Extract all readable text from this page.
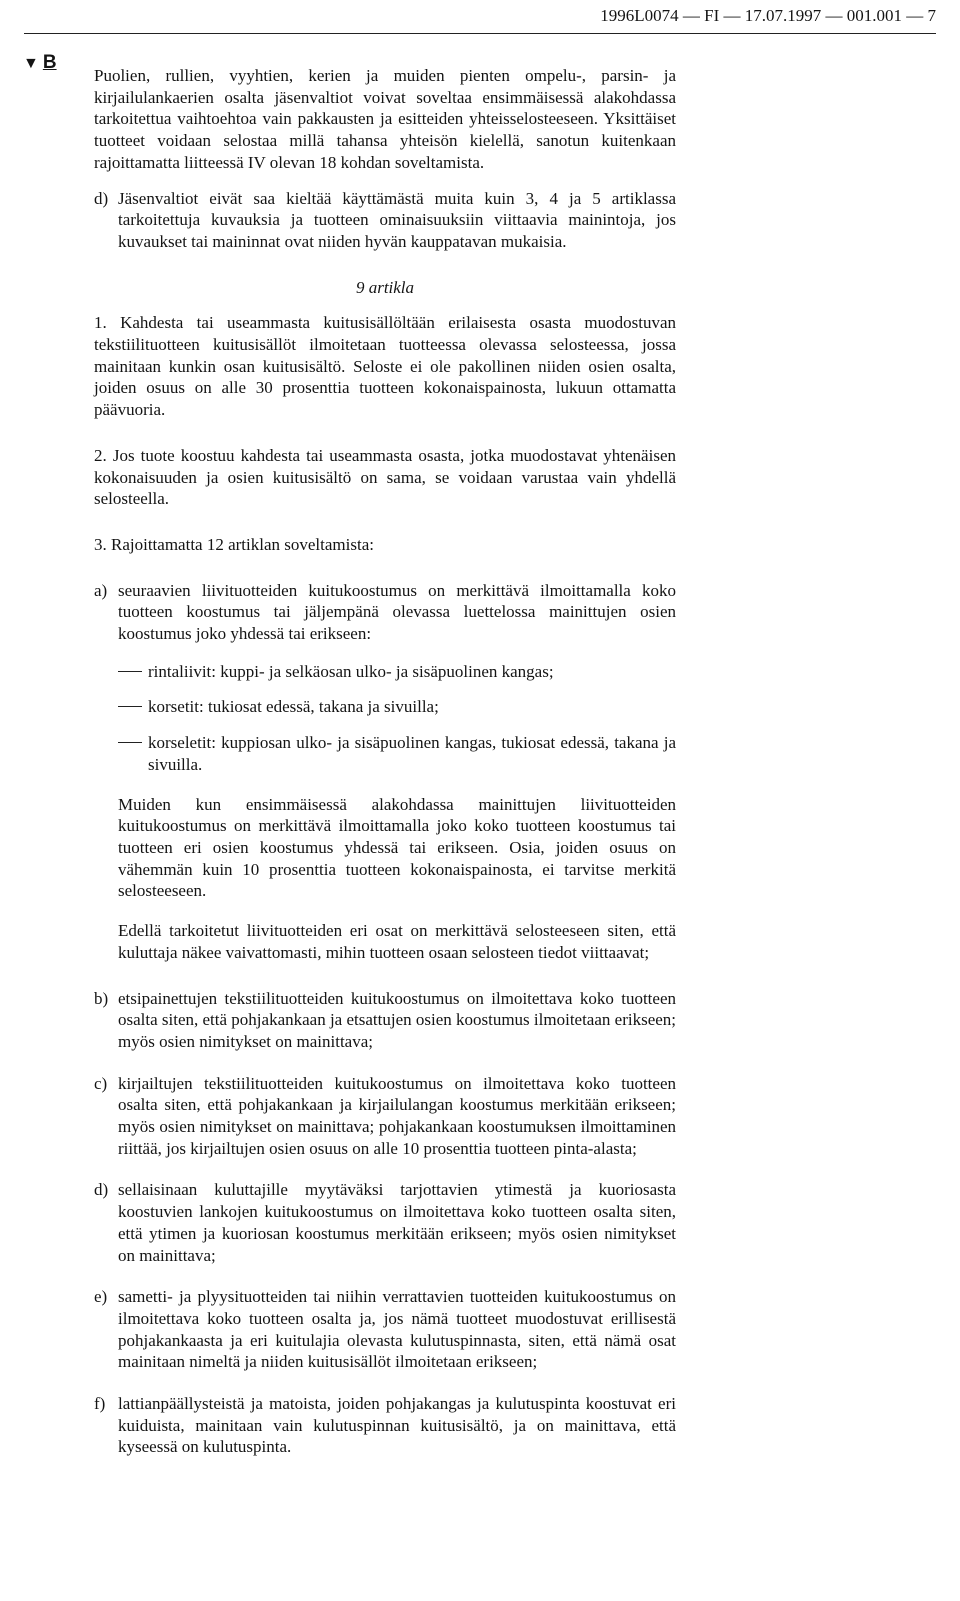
1996L0074 — FI — 17.07.1997 — 001.001 — 7
▼ B

Puolien, rullien, vyyhtien, kerien ja muiden pienten ompelu-, parsin- ja kirjailulankaerien osalta jäsenvaltiot voivat soveltaa ensimmäisessä alakohdassa tarkoitettua vaihtoehtoa vain pakkausten ja esitteiden yhteisselosteeseen. Yksittäiset tuotteet voidaan selostaa millä tahansa yhteisön kielellä, sanotun kuitenkaan rajoittamatta liitteessä IV olevan 18 kohdan soveltamista.

d) Jäsenvaltiot eivät saa kieltää käyttämästä muita kuin 3, 4 ja 5 artiklassa tarkoitettuja kuvauksia ja tuotteen ominaisuuksiin viittaavia mainintoja, jos kuvaukset tai maininnat ovat niiden hyvän kauppatavan mukaisia.
9 artikla

1. Kahdesta tai useammasta kuitusisällöltään erilaisesta osasta muodostuvan tekstiilituotteen kuitusisällöt ilmoitetaan tuotteessa olevassa selosteessa, jossa mainitaan kunkin osan kuitusisältö. Seloste ei ole pakollinen niiden osien osalta, joiden osuus on alle 30 prosenttia tuotteen kokonaispainosta, lukuun ottamatta päävuoria.

2. Jos tuote koostuu kahdesta tai useammasta osasta, jotka muodostavat yhtenäisen kokonaisuuden ja osien kuitusisältö on sama, se voidaan varustaa vain yhdellä selosteella.

3. Rajoittamatta 12 artiklan soveltamista:

a) seuraavien liivituotteiden kuitukoostumus on merkittävä ilmoittamalla koko tuotteen koostumus tai jäljempänä olevassa luettelossa mainittujen osien koostumus joko yhdessä tai erikseen:
rintaliivit: kuppi- ja selkäosan ulko- ja sisäpuolinen kangas;
korsetit: tukiosat edessä, takana ja sivuilla;
korseletit: kuppiosan ulko- ja sisäpuolinen kangas, tukiosat edessä, takana ja sivuilla.
Muiden kun ensimmäisessä alakohdassa mainittujen liivituotteiden kuitukoostumus on merkittävä ilmoittamalla joko koko tuotteen koostumus tai tuotteen eri osien koostumus yhdessä tai erikseen. Osia, joiden osuus on vähemmän kuin 10 prosenttia tuotteen kokonaispainosta, ei tarvitse merkitä selosteeseen.
Edellä tarkoitetut liivituotteiden eri osat on merkittävä selosteeseen siten, että kuluttaja näkee vaivattomasti, mihin tuotteen osaan selosteen tiedot viittaavat;
b) etsipainettujen tekstiilituotteiden kuitukoostumus on ilmoitettava koko tuotteen osalta siten, että pohjakankaan ja etsattujen osien koostumus ilmoitetaan erikseen; myös osien nimitykset on mainittava;
c) kirjailtujen tekstiilituotteiden kuitukoostumus on ilmoitettava koko tuotteen osalta siten, että pohjakankaan ja kirjailulangan koostumus merkitään erikseen; myös osien nimitykset on mainittava; pohjakankaan koostumuksen ilmoittaminen riittää, jos kirjailtujen osien osuus on alle 10 prosenttia tuotteen pinta-alasta;
d) sellaisinaan kuluttajille myytäväksi tarjottavien ytimestä ja kuoriosasta koostuvien lankojen kuitukoostumus on ilmoitettava koko tuotteen osalta siten, että ytimen ja kuoriosan koostumus merkitään erikseen; myös osien nimitykset on mainittava;
e) sametti- ja plyysituotteiden tai niihin verrattavien tuotteiden kuitukoostumus on ilmoitettava koko tuotteen osalta ja, jos nämä tuotteet muodostuvat erillisestä pohjakankaasta ja eri kuitulajia olevasta kulutuspinnasta, siten, että nämä osat mainitaan nimeltä ja niiden kuitusisällöt ilmoitetaan erikseen;
f) lattianpäällysteistä ja matoista, joiden pohjakangas ja kulutuspinta koostuvat eri kuiduista, mainitaan vain kulutuspinnan kuitusisältö, ja on mainittava, että kyseessä on kulutuspinta.
